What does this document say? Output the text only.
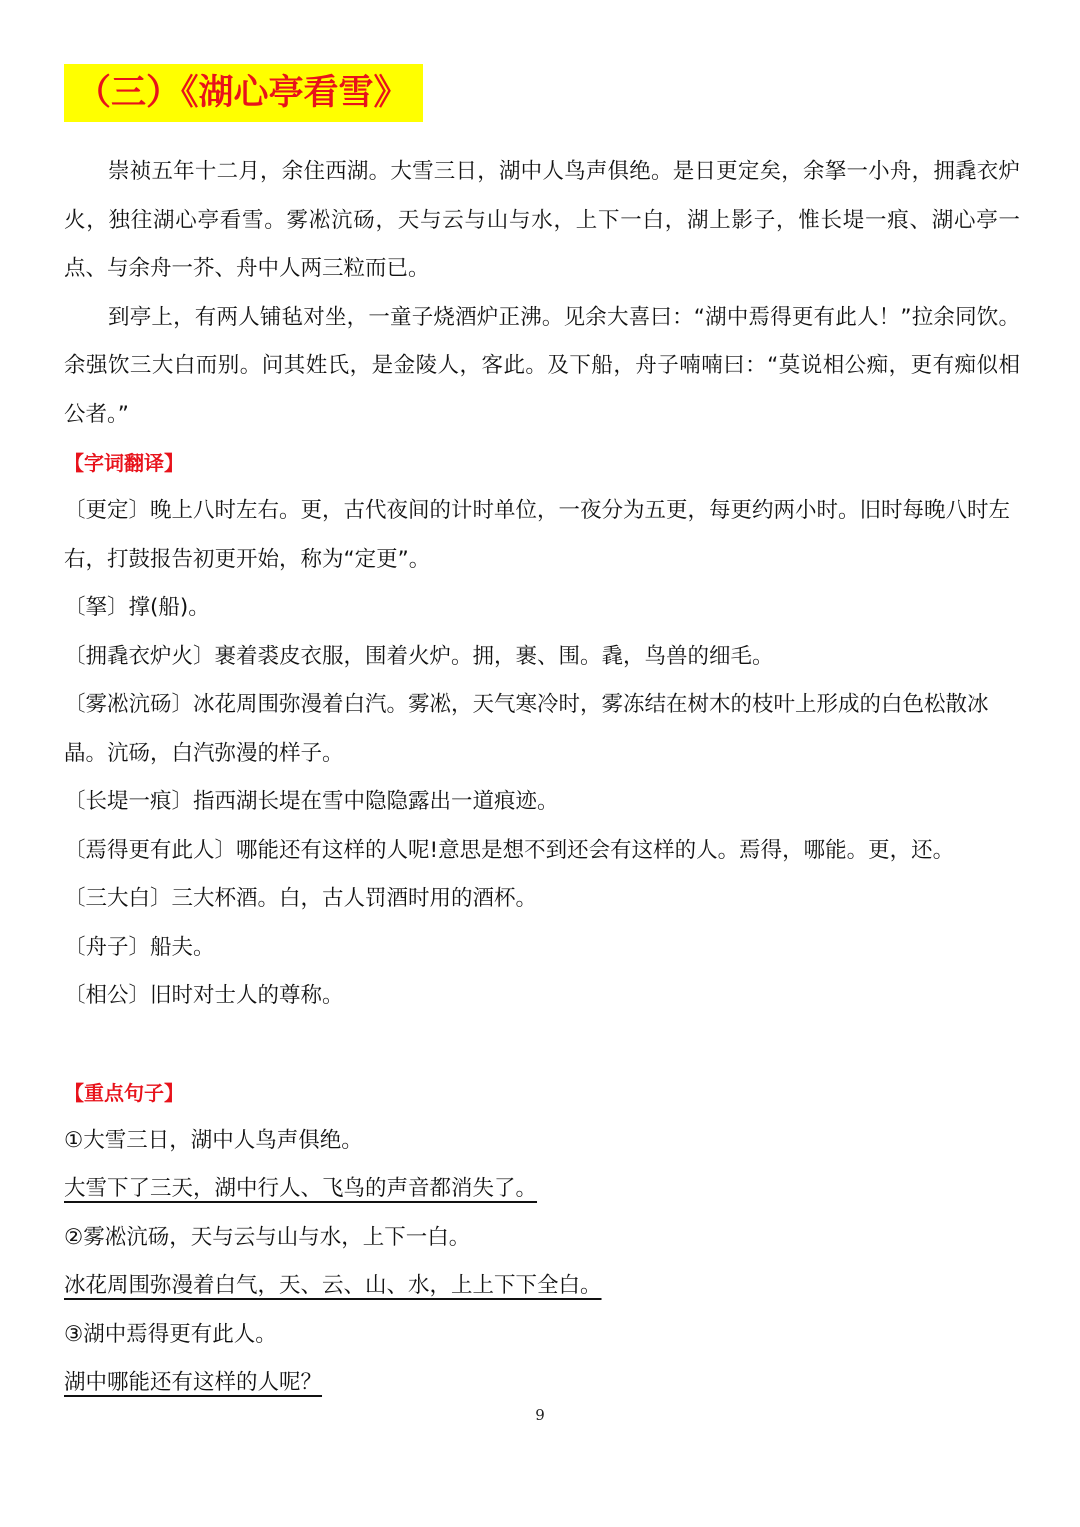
（三）《湖心亭看雪》

崇祯五年十二月，余住西湖。大雪三日，湖中人鸟声俱绝。是日更定矣，余拏一小舟，拥毳衣炉火，独往湖心亭看雪。雾凇沆砀，天与云与山与水，上下一白，湖上影子，惟长堤一痕、湖心亭一点、与余舟一芥、舟中人两三粒而已。

到亭上，有两人铺毡对坐，一童子烧酒炉正沸。见余大喜曰：“湖中焉得更有此人！”拉余同饮。余强饮三大白而别。问其姓氏，是金陵人，客此。及下船，舟子喃喃曰：“莫说相公痴，更有痴似相公者。”

【字词翻译】

〔更定〕晚上八时左右。更，古代夜间的计时单位，一夜分为五更，每更约两小时。旧时每晚八时左右，打鼓报告初更开始，称为“定更”。

〔拏〕撑(船)。

〔拥毳衣炉火〕裹着裘皮衣服，围着火炉。拥，裹、围。毳，鸟兽的细毛。

〔雾凇沆砀〕冰花周围弥漫着白汽。雾凇，天气寒冷时，雾冻结在树木的枝叶上形成的白色松散冰晶。沆砀，白汽弥漫的样子。

〔长堤一痕〕指西湖长堤在雪中隐隐露出一道痕迹。

〔焉得更有此人〕哪能还有这样的人呢!意思是想不到还会有这样的人。焉得，哪能。更，还。

〔三大白〕三大杯酒。白，古人罚酒时用的酒杯。

〔舟子〕船夫。

〔相公〕旧时对士人的尊称。

【重点句子】

①大雪三日，湖中人鸟声俱绝。

大雪下了三天，湖中行人、飞鸟的声音都消失了。

②雾凇沆砀，天与云与山与水，上下一白。

冰花周围弥漫着白气，天、云、山、水，上上下下全白。

③湖中焉得更有此人。

湖中哪能还有这样的人呢？

9
